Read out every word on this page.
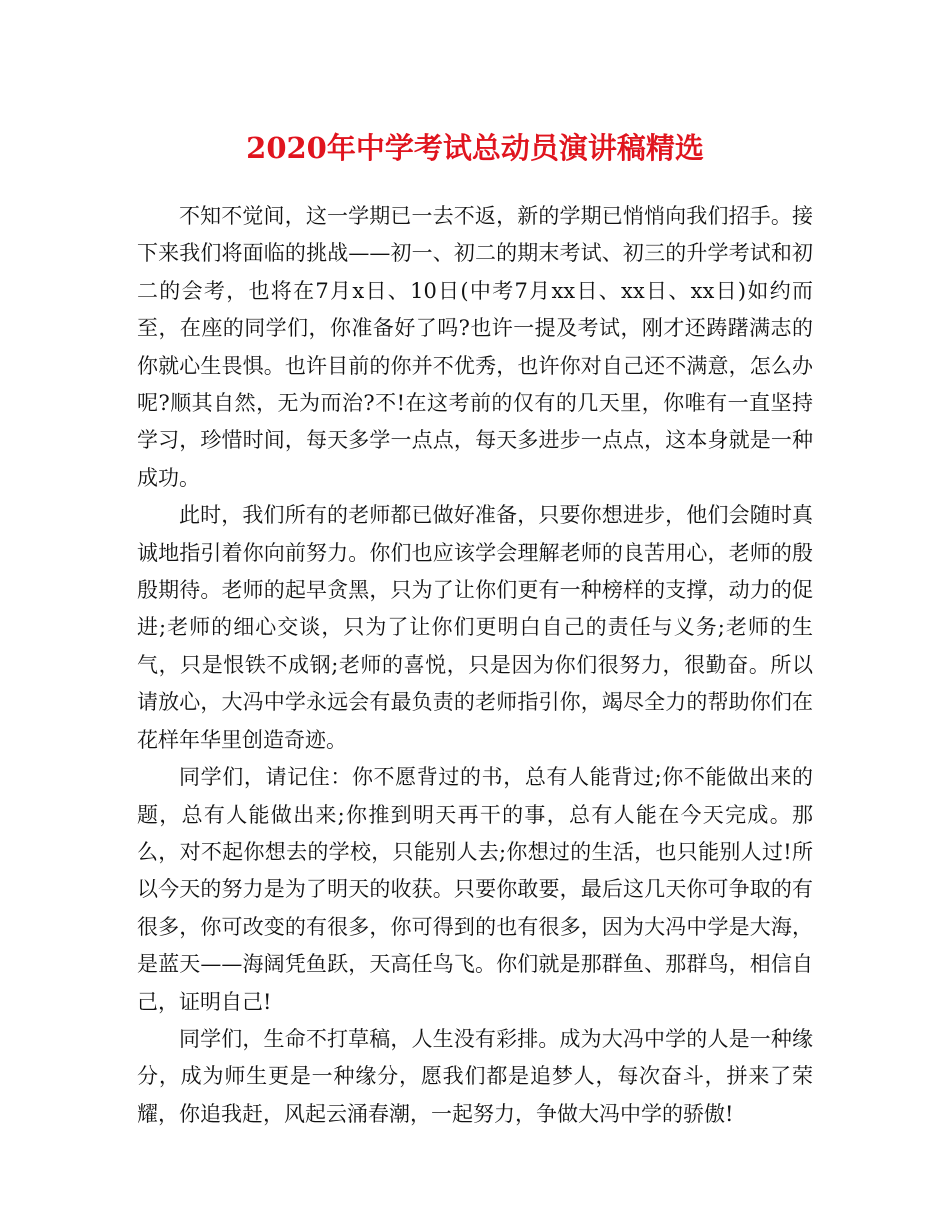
2020年中学考试总动员演讲稿精选

不知不觉间，这一学期已一去不返，新的学期已悄悄向我们招手。接下来我们将面临的挑战——初一、初二的期末考试、初三的升学考试和初二的会考，也将在7月x日、10日(中考7月xx日、xx日、xx日)如约而至，在座的同学们，你准备好了吗?也许一提及考试，刚才还踌躇满志的你就心生畏惧。也许目前的你并不优秀，也许你对自己还不满意，怎么办呢?顺其自然，无为而治?不!在这考前的仅有的几天里，你唯有一直坚持学习，珍惜时间，每天多学一点点，每天多进步一点点，这本身就是一种成功。

此时，我们所有的老师都已做好准备，只要你想进步，他们会随时真诚地指引着你向前努力。你们也应该学会理解老师的良苦用心，老师的殷殷期待。老师的起早贪黑，只为了让你们更有一种榜样的支撑，动力的促进;老师的细心交谈，只为了让你们更明白自己的责任与义务;老师的生气，只是恨铁不成钢;老师的喜悦，只是因为你们很努力，很勤奋。所以请放心，大冯中学永远会有最负责的老师指引你，竭尽全力的帮助你们在花样年华里创造奇迹。

同学们，请记住：你不愿背过的书，总有人能背过;你不能做出来的题，总有人能做出来;你推到明天再干的事，总有人能在今天完成。那么，对不起你想去的学校，只能别人去;你想过的生活，也只能别人过!所以今天的努力是为了明天的收获。只要你敢要，最后这几天你可争取的有很多，你可改变的有很多，你可得到的也有很多，因为大冯中学是大海，是蓝天——海阔凭鱼跃，天高任鸟飞。你们就是那群鱼、那群鸟，相信自己，证明自己!

同学们，生命不打草稿，人生没有彩排。成为大冯中学的人是一种缘分，成为师生更是一种缘分，愿我们都是追梦人，每次奋斗，拼来了荣耀，你追我赶，风起云涌春潮，一起努力，争做大冯中学的骄傲!
